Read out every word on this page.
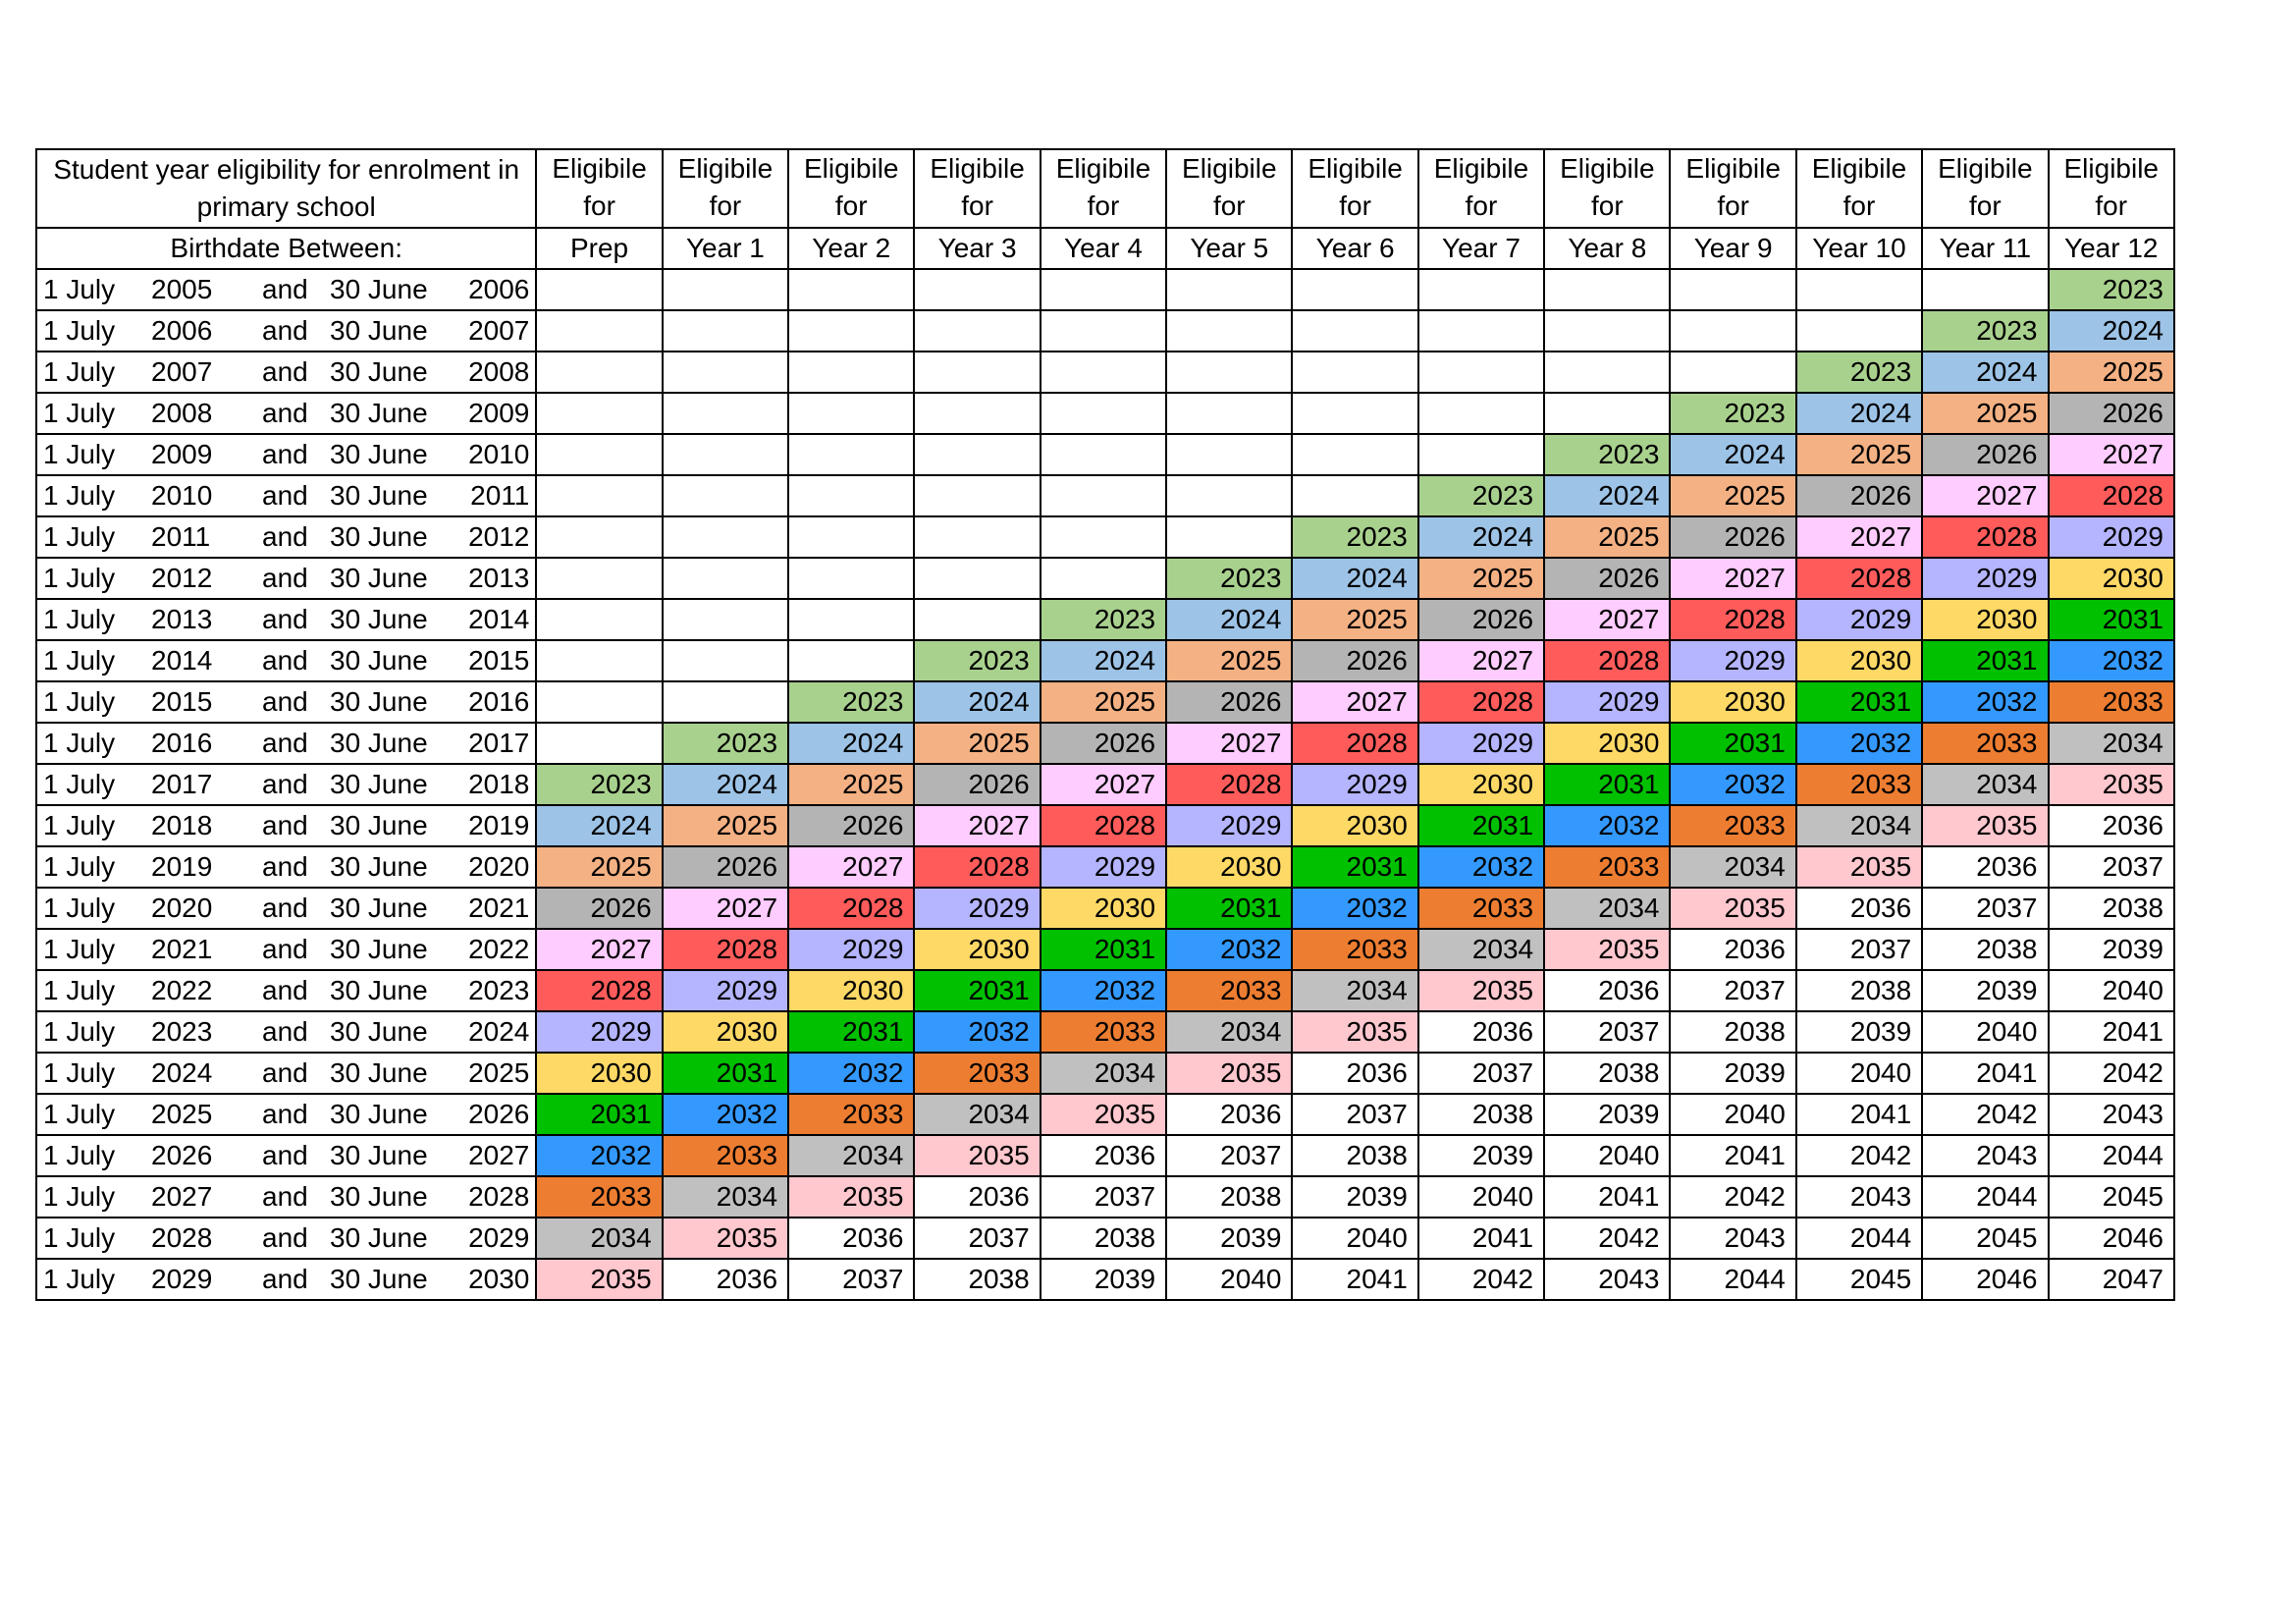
Student year eligibility for enrolment in primary school	Eligibile for	Eligibile for	Eligibile for	Eligibile for	Eligibile for	Eligibile for	Eligibile for	Eligibile for	Eligibile for	Eligibile for	Eligibile for	Eligibile for	Eligibile for
Birthdate Between:	Prep	Year 1	Year 2	Year 3	Year 4	Year 5	Year 6	Year 7	Year 8	Year 9	Year 10	Year 11	Year 12

1 July 2005 and 30 June 2006													2023

1 July 2006 and 30 June 2007												2023	2024

1 July 2007 and 30 June 2008											2023	2024	2025

1 July 2008 and 30 June 2009										2023	2024	2025	2026

1 July 2009 and 30 June 2010									2023	2024	2025	2026	2027

1 July 2010 and 30 June 2011								2023	2024	2025	2026	2027	2028

1 July 2011 and 30 June 2012							2023	2024	2025	2026	2027	2028	2029

1 July 2012 and 30 June 2013						2023	2024	2025	2026	2027	2028	2029	2030

1 July 2013 and 30 June 2014					2023	2024	2025	2026	2027	2028	2029	2030	2031

1 July 2014 and 30 June 2015				2023	2024	2025	2026	2027	2028	2029	2030	2031	2032

1 July 2015 and 30 June 2016			2023	2024	2025	2026	2027	2028	2029	2030	2031	2032	2033

1 July 2016 and 30 June 2017		2023	2024	2025	2026	2027	2028	2029	2030	2031	2032	2033	2034

1 July 2017 and 30 June 2018	2023	2024	2025	2026	2027	2028	2029	2030	2031	2032	2033	2034	2035

1 July 2018 and 30 June 2019	2024	2025	2026	2027	2028	2029	2030	2031	2032	2033	2034	2035	2036

1 July 2019 and 30 June 2020	2025	2026	2027	2028	2029	2030	2031	2032	2033	2034	2035	2036	2037

1 July 2020 and 30 June 2021	2026	2027	2028	2029	2030	2031	2032	2033	2034	2035	2036	2037	2038

1 July 2021 and 30 June 2022	2027	2028	2029	2030	2031	2032	2033	2034	2035	2036	2037	2038	2039

1 July 2022 and 30 June 2023	2028	2029	2030	2031	2032	2033	2034	2035	2036	2037	2038	2039	2040

1 July 2023 and 30 June 2024	2029	2030	2031	2032	2033	2034	2035	2036	2037	2038	2039	2040	2041

1 July 2024 and 30 June 2025	2030	2031	2032	2033	2034	2035	2036	2037	2038	2039	2040	2041	2042

1 July 2025 and 30 June 2026	2031	2032	2033	2034	2035	2036	2037	2038	2039	2040	2041	2042	2043

1 July 2026 and 30 June 2027	2032	2033	2034	2035	2036	2037	2038	2039	2040	2041	2042	2043	2044

1 July 2027 and 30 June 2028	2033	2034	2035	2036	2037	2038	2039	2040	2041	2042	2043	2044	2045

1 July 2028 and 30 June 2029	2034	2035	2036	2037	2038	2039	2040	2041	2042	2043	2044	2045	2046

1 July 2029 and 30 June 2030	2035	2036	2037	2038	2039	2040	2041	2042	2043	2044	2045	2046	2047
